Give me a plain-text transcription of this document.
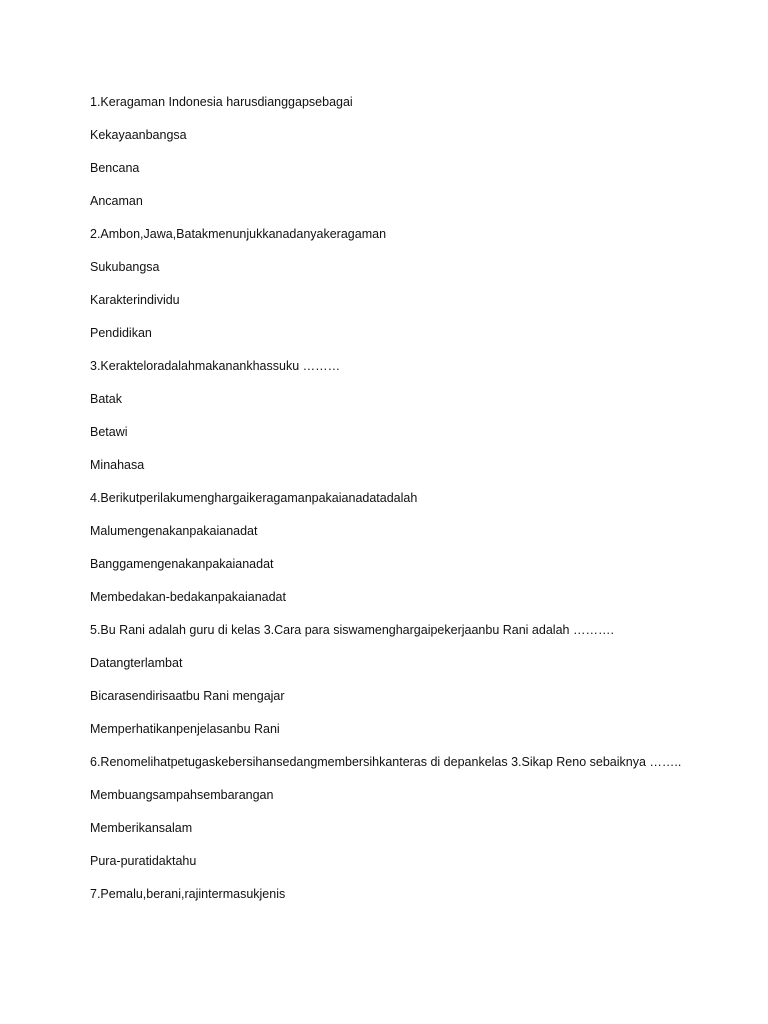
1.Keragaman Indonesia harusdianggapsebagai
Kekayaanbangsa
Bencana
Ancaman
2.Ambon,Jawa,Batakmenunjukkanadanyakeragaman
Sukubangsa
Karakterindividu
Pendidikan
3.Kerakteloradalahmakanankhassuku ………
Batak
Betawi
Minahasa
4.Berikutperilakumenghargaikeragamanpakaianadatadalah
Malumengenakanpakaianadat
Banggamengenakanpakaianadat
Membedakan-bedakanpakaianadat
5.Bu Rani adalah guru di kelas 3.Cara para siswamenghargaipekerjaanbu Rani adalah ……….
Datangterlambat
Bicarasendirisaatbu Rani mengajar
Memperhatikanpenjelasanbu Rani
6.Renomelihatpetugaskebersihansedangmembersihkanteras di depankelas 3.Sikap Reno sebaiknya ……..
Membuangsampahsembarangan
Memberikansalam
Pura-puratidaktahu
7.Pemalu,berani,rajintermasukjenis
